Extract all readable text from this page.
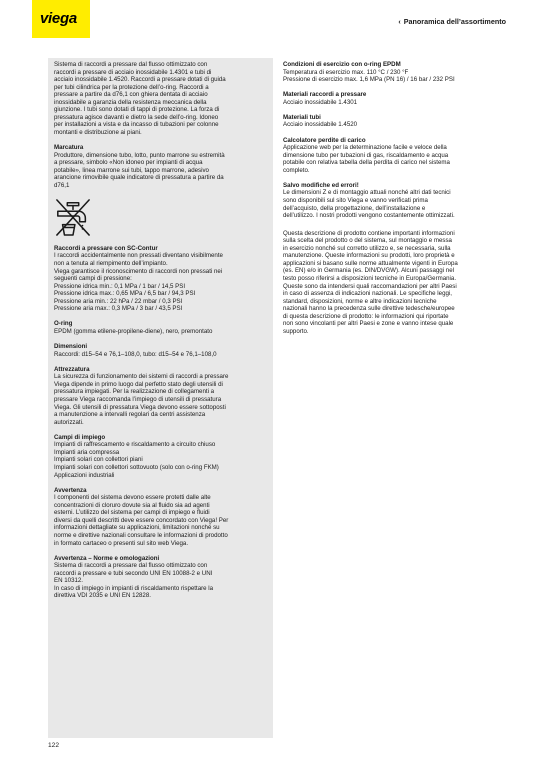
viega	‹ Panoramica dell’assortimento
Sistema di raccordi a pressare dal flusso ottimizzato con
raccordi a pressare di acciaio inossidabile 1.4301 e tubi di
acciaio inossidabile 1.4520. Raccordi a pressare dotati di guida
per tubi cilindrica per la protezione dell’o-ring. Raccordi a
pressare a partire da d76,1 con ghiera dentata di acciaio
inossidabile a garanzia della resistenza meccanica della
giunzione. I tubi sono dotati di tappi di protezione. La forza di
pressatura agisce davanti e dietro la sede dell’o-ring. Idoneo
per installazioni a vista e da incasso di tubazioni per colonne
montanti e distribuzione ai piani.
Marcatura
Produttore, dimensione tubo, lotto, punto marrone su estremità
a pressare, simbolo «Non idoneo per impianti di acqua
potabile», linea marrone sui tubi, tappo marrone, adesivo
arancione rimovibile quale indicatore di pressatura a partire da
d76,1
Raccordi a pressare con SC-Contur
I raccordi accidentalmente non pressati diventano visibilmente
non a tenuta al riempimento dell’impianto.
Viega garantisce il riconoscimento di raccordi non pressati nei
seguenti campi di pressione:
Pressione idrica min.: 0,1 MPa / 1 bar / 14,5 PSI
Pressione idrica max.: 0,65 MPa / 6,5 bar / 94,3 PSI
Pressione aria min.: 22 hPa / 22 mbar / 0,3 PSI
Pressione aria max.: 0,3 MPa / 3 bar / 43,5 PSI
O-ring
EPDM (gomma etilene-propilene-diene), nero, premontato
Dimensioni
Raccordi: d15–54 e 76,1–108,0, tubo: d15–54 e 76,1–108,0
Attrezzatura
La sicurezza di funzionamento dei sistemi di raccordi a pressare
Viega dipende in primo luogo dal perfetto stato degli utensili di
pressatura impiegati. Per la realizzazione di collegamenti a
pressare Viega raccomanda l’impiego di utensili di pressatura
Viega. Gli utensili di pressatura Viega devono essere sottoposti
a manutenzione a intervalli regolari da centri assistenza
autorizzati.
Campi di impiego
Impianti di raffrescamento e riscaldamento a circuito chiuso
Impianti aria compressa
Impianti solari con collettori piani
Impianti solari con collettori sottovuoto (solo con o-ring FKM)
Applicazioni industriali
Avvertenza
I componenti del sistema devono essere protetti dalle alte
concentrazioni di cloruro dovute sia al fluido sia ad agenti
esterni. L’utilizzo del sistema per campi di impiego e fluidi
diversi da quelli descritti deve essere concordato con Viega! Per
informazioni dettagliate su applicazioni, limitazioni nonché su
norme e direttive nazionali consultare le informazioni di prodotto
in formato cartaceo o presenti sul sito web Viega.
Avvertenza – Norme e omologazioni
Sistema di raccordi a pressare dal flusso ottimizzato con
raccordi a pressare e tubi secondo UNI EN 10088-2 e UNI
EN 10312.
In caso di impiego in impianti di riscaldamento rispettare la
direttiva VDI 2035 e UNI EN 12828.
Condizioni di esercizio con o-ring EPDM
Temperatura di esercizio max. 110 °C / 230 °F
Pressione di esercizio max. 1,6 MPa (PN 16) / 16 bar / 232 PSI
Materiali raccordi a pressare
Acciaio inossidabile 1.4301
Materiali tubi
Acciaio inossidabile 1.4520
Calcolatore perdite di carico
Applicazione web per la determinazione facile e veloce della
dimensione tubo per tubazioni di gas, riscaldamento e acqua
potabile con relativa tabella della perdita di carico nel sistema
completo.
Salvo modifiche ed errori!
Le dimensioni Z e di montaggio attuali nonché altri dati tecnici
sono disponibili sul sito Viega e vanno verificati prima
dell’acquisto, della progettazione, dell’installazione e
dell’utilizzo. I nostri prodotti vengono costantemente ottimizzati.
Questa descrizione di prodotto contiene importanti informazioni
sulla scelta del prodotto o del sistema, sul montaggio e messa
in esercizio nonché sul corretto utilizzo e, se necessaria, sulla
manutenzione. Queste informazioni su prodotti, loro proprietà e
applicazioni si basano sulle norme attualmente vigenti in Europa
(es. EN) e/o in Germania (es. DIN/DVGW). Alcuni passaggi nel
testo posso riferirsi a disposizioni tecniche in Europa/Germania.
Queste sono da intendersi quali raccomandazioni per altri Paesi
in caso di assenza di indicazioni nazionali. Le specifiche leggi,
standard, disposizioni, norme e altre indicazioni tecniche
nazionali hanno la precedenza sulle direttive tedesche/europee
di questa descrizione di prodotto: le informazioni qui riportate
non sono vincolanti per altri Paesi e zone e vanno intese quale
supporto.
122
